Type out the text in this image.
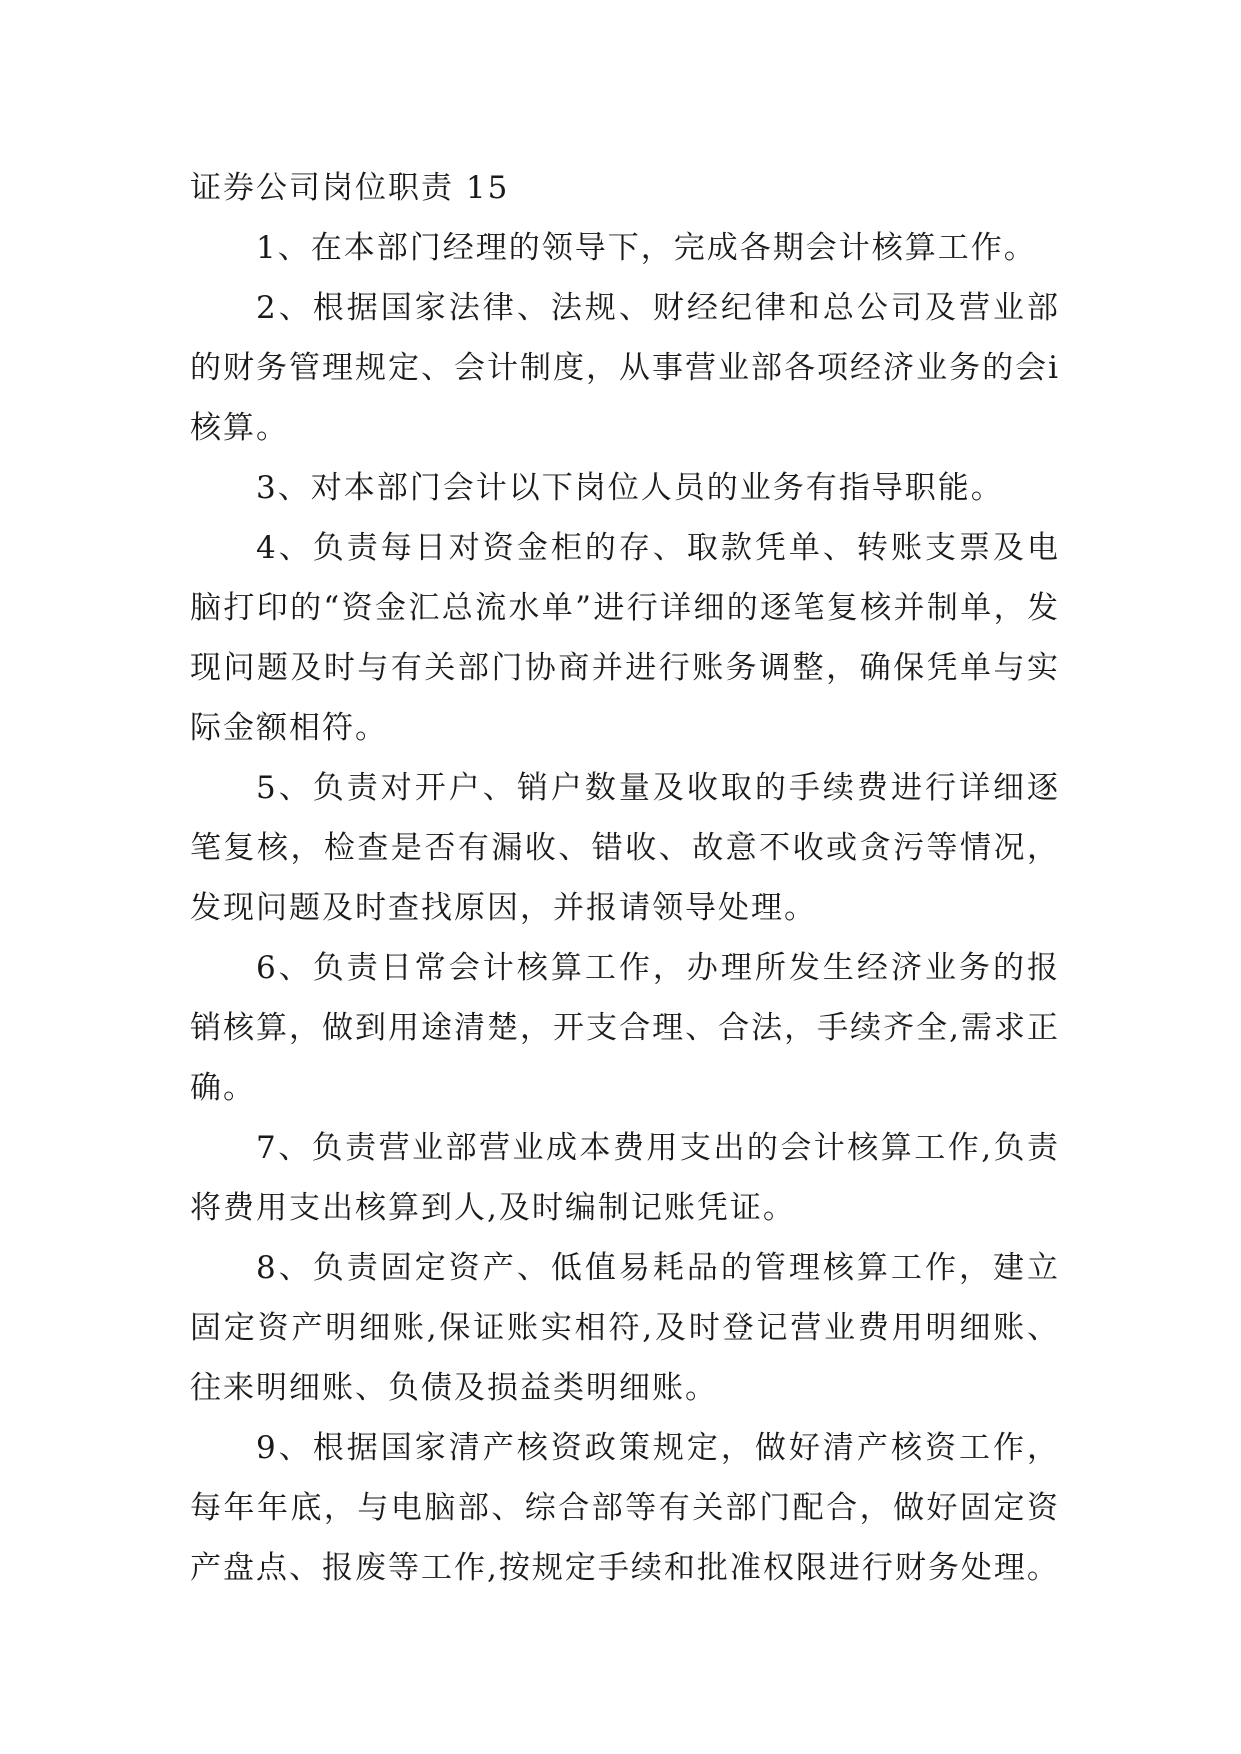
证券公司岗位职责 15

1、在本部门经理的领导下，完成各期会计核算工作。

2、根据国家法律、法规、财经纪律和总公司及营业部的财务管理规定、会计制度，从事营业部各项经济业务的会i 核算。

3、对本部门会计以下岗位人员的业务有指导职能。

4、负责每日对资金柜的存、取款凭单、转账支票及电脑打印的“资金汇总流水单”进行详细的逐笔复核并制单，发现问题及时与有关部门协商并进行账务调整，确保凭单与实际金额相符。

5、负责对开户、销户数量及收取的手续费进行详细逐笔复核，检查是否有漏收、错收、故意不收或贪污等情况，发现问题及时查找原因，并报请领导处理。

6、负责日常会计核算工作，办理所发生经济业务的报销核算，做到用途清楚，开支合理、合法，手续齐全,需求正确。

7、负责营业部营业成本费用支出的会计核算工作,负责将费用支出核算到人,及时编制记账凭证。

8、负责固定资产、低值易耗品的管理核算工作，建立固定资产明细账,保证账实相符,及时登记营业费用明细账、往来明细账、负债及损益类明细账。

9、根据国家清产核资政策规定，做好清产核资工作，每年年底，与电脑部、综合部等有关部门配合，做好固定资产盘点、报废等工作,按规定手续和批准权限进行财务处理。
